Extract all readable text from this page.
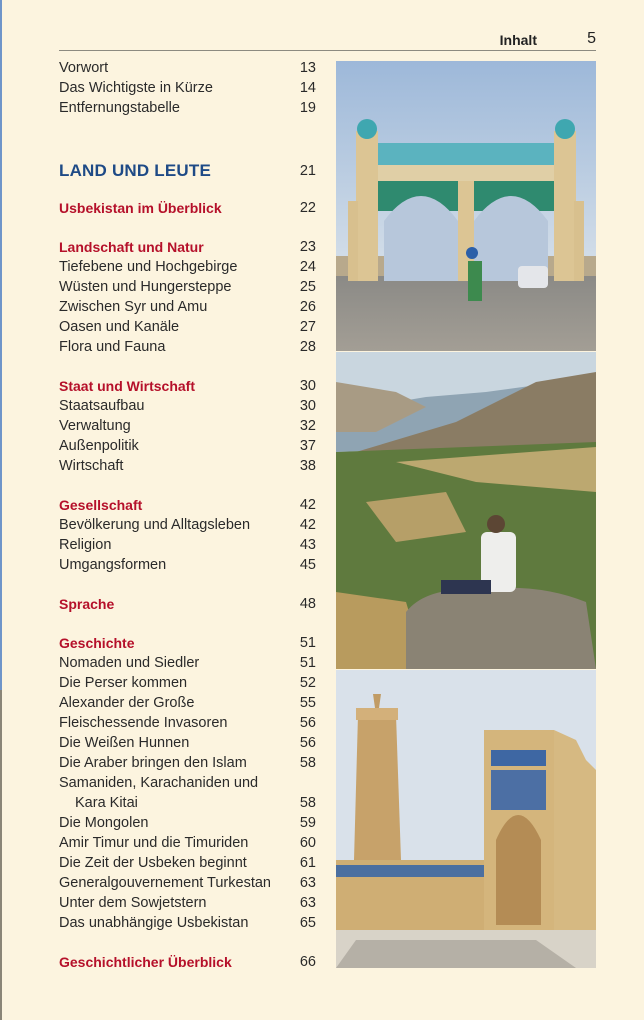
Inhalt	5
Vorwort	13
Das Wichtigste in Kürze	14
Entfernungstabelle	19
LAND UND LEUTE	21
Usbekistan im Überblick	22
Landschaft und Natur	23
Tiefebene und Hochgebirge	24
Wüsten und Hungersteppe	25
Zwischen Syr und Amu	26
Oasen und Kanäle	27
Flora und Fauna	28
Staat und Wirtschaft	30
Staatsaufbau	30
Verwaltung	32
Außenpolitik	37
Wirtschaft	38
Gesellschaft	42
Bevölkerung und Alltagsleben	42
Religion	43
Umgangsformen	45
Sprache	48
Geschichte	51
Nomaden und Siedler	51
Die Perser kommen	52
Alexander der Große	55
Fleischessende Invasoren	56
Die Weißen Hunnen	56
Die Araber bringen den Islam	58
Samaniden, Karachaniden und
Kara Kitai	58
Die Mongolen	59
Amir Timur und die Timuriden	60
Die Zeit der Usbeken beginnt	61
Generalgouvernement Turkestan 63
Unter dem Sowjetstern	63
Das unabhängige Usbekistan	65
Geschichtlicher Überblick	66
